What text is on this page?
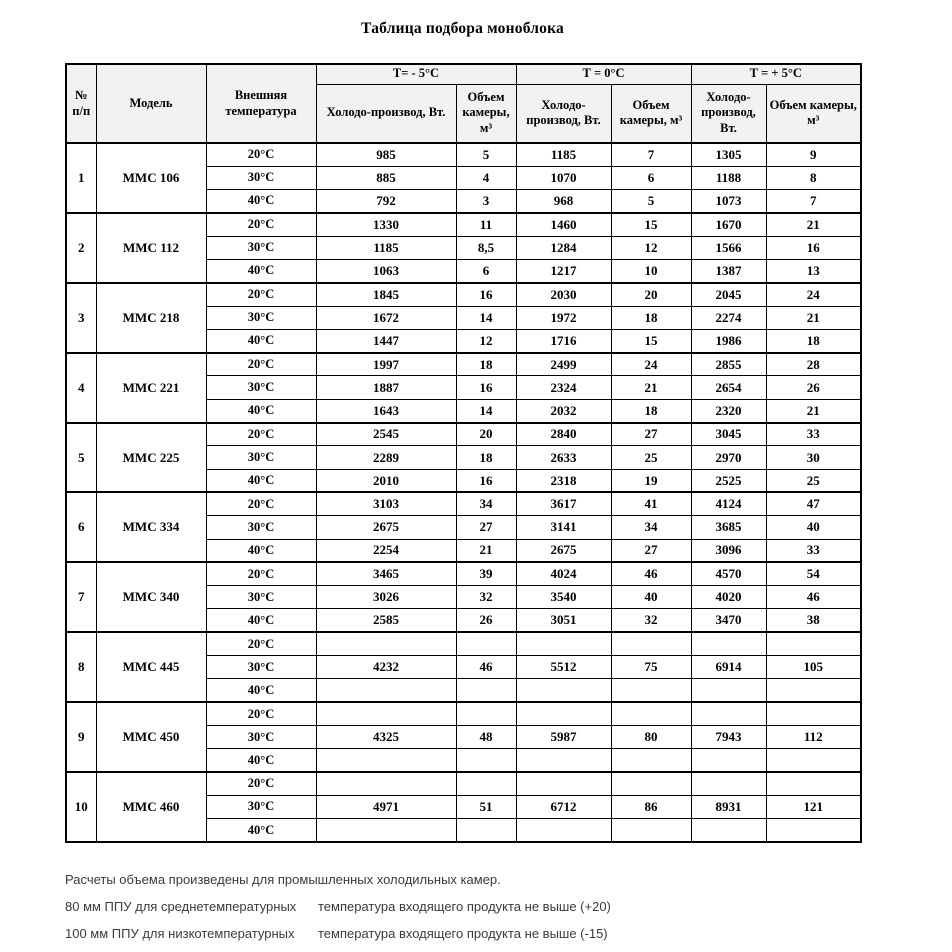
Таблица подбора моноблока
№ п/п	Модель	Внешняя температура	Т= - 5°С		Т = 0°С		Т = + 5°С	
			Холодо-производ, Вт.	Объем камеры, м³	Холодо-производ, Вт.	Объем камеры, м³	Холодо-производ, Вт.	Объем камеры, м³
1	ММС 106	20°С	985	5	1185	7	1305	9
		30°С	885	4	1070	6	1188	8
		40°С	792	3	968	5	1073	7
2	ММС 112	20°С	1330	11	1460	15	1670	21
		30°С	1185	8,5	1284	12	1566	16
		40°С	1063	6	1217	10	1387	13
3	ММС 218	20°С	1845	16	2030	20	2045	24
		30°С	1672	14	1972	18	2274	21
		40°С	1447	12	1716	15	1986	18
4	ММС 221	20°С	1997	18	2499	24	2855	28
		30°С	1887	16	2324	21	2654	26
		40°С	1643	14	2032	18	2320	21
5	ММС 225	20°С	2545	20	2840	27	3045	33
		30°С	2289	18	2633	25	2970	30
		40°С	2010	16	2318	19	2525	25
6	ММС 334	20°С	3103	34	3617	41	4124	47
		30°С	2675	27	3141	34	3685	40
		40°С	2254	21	2675	27	3096	33
7	ММС 340	20°С	3465	39	4024	46	4570	54
		30°С	3026	32	3540	40	4020	46
		40°С	2585	26	3051	32	3470	38
8	ММС 445	20°С						
		30°С	4232	46	5512	75	6914	105
		40°С						
9	ММС 450	20°С						
		30°С	4325	48	5987	80	7943	112
		40°С						
10	ММС 460	20°С						
		30°С	4971	51	6712	86	8931	121
		40°С						
Расчеты объема произведены для промышленных холодильных камер.
80 мм ППУ для среднетемпературных	температура входящего продукта не выше (+20)
100 мм ППУ для низкотемпературных	температура входящего продукта не выше (-15)
